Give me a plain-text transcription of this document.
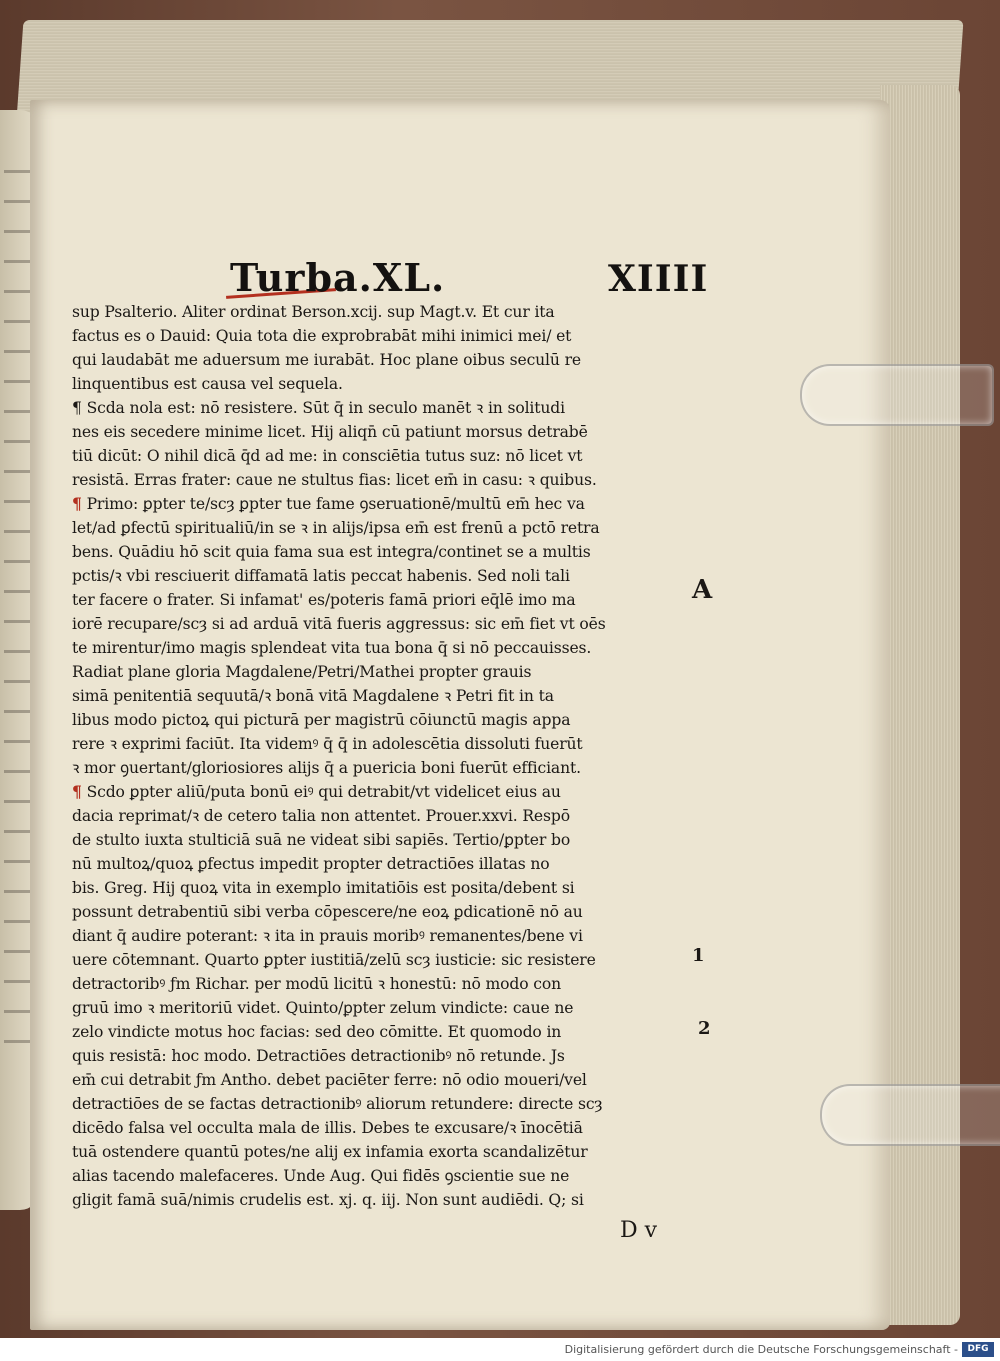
Turba.XL.	XIIII
sup Psalterio. Aliter ordinat Berson.xcij. sup Magt.v. Et cur ita
factus es o Dauid: Quia tota die exprobrabāt mihi inimici mei/ et
qui laudabāt me aduersum me iurabāt. Hoc plane oibus seculū re
linquentibus est causa vel sequela.
¶ Scda nola est: nō resistere. Sūt q̄ in seculo manēt ꝛ in solitudi
nes eis secedere minime licet. Hij aliqn̄ cū patiunt morsus detrabē
tiū dicūt: O nihil dicā q̄d ad me: in consciētia tutus suz: nō licet vt
resistā. Erras frater: caue ne stultus fias: licet em̄ in casu: ꝛ quibus.
¶ Primo: ꝑpter te/scȝ ꝑpter tue fame ꝯseruationē/multū em̄ hec va
let/ad ꝑfectū spiritualiū/in se ꝛ in alijs/ipsa em̄ est frenū a pctō retra
bens. Quādiu hō scit quia fama sua est integra/continet se a multis
pctis/ꝛ vbi resciuerit diffamatā latis peccat habenis. Sed noli tali
ter facere o frater. Si infamat' es/poteris famā priori eq̄lē imo ma
iorē recupare/scȝ si ad arduā vitā fueris aggressus: sic em̄ fiet vt oēs
te mirentur/imo magis splendeat vita tua bona q̄ si nō peccauisses.
Radiat plane gloria Magdalene/Petri/Mathei propter grauis
simā penitentiā sequutā/ꝛ bonā vitā Magdalene ꝛ Petri fit in ta
libus modo pictoꝝ qui picturā per magistrū cōiunctū magis appa
rere ꝛ exprimi faciūt. Ita videmꝰ q̄ q̄ in adolescētia dissoluti fuerūt
ꝛ mor ꝯuertant/gloriosiores alijs q̄ a puericia boni fuerūt efficiant.
¶ Scdo ꝑpter aliū/puta bonū eiꝰ qui detrabit/vt videlicet eius au
dacia reprimat/ꝛ de cetero talia non attentet. Prouer.xxvi. Respō
de stulto iuxta stulticiā suā ne videat sibi sapiēs. Tertio/ꝑpter bo
nū multoꝝ/quoꝝ ꝑfectus impedit propter detractiōes illatas no
bis. Greg. Hij quoꝝ vita in exemplo imitatiōis est posita/debent si
possunt detrabentiū sibi verba cōpescere/ne eoꝝ ꝑdicationē nō au
diant q̄ audire poterant: ꝛ ita in prauis moribꝰ remanentes/bene vi
uere cōtemnant. Quarto ꝑpter iustitiā/zelū scȝ iusticie: sic resistere
detractoribꝰ ƒm Richar. per modū licitū ꝛ honestū: nō modo con
gruū imo ꝛ meritoriū videt. Quinto/ꝑpter zelum vindicte: caue ne
zelo vindicte motus hoc facias: sed deo cōmitte. Et quomodo in
quis resistā: hoc modo. Detractiōes detractionibꝰ nō retunde. Js
em̄ cui detrabit ƒm Antho. debet paciēter ferre: nō odio moueri/vel
detractiōes de se factas detractionibꝰ aliorum retundere: directe scȝ
dicēdo falsa vel occulta mala de illis. Debes te excusare/ꝛ īnocētiā
tuā ostendere quantū potes/ne alij ex infamia exorta scandalizētur
alias tacendo malefaceres. Unde Aug. Qui fidēs ꝯscientie sue ne
gligit famā suā/nimis crudelis est. xj. q. iij. Non sunt audiēdi. Q; si
A
1
2
D v
Digitalisierung gefördert durch die Deutsche Forschungsgemeinschaft -	DFG
